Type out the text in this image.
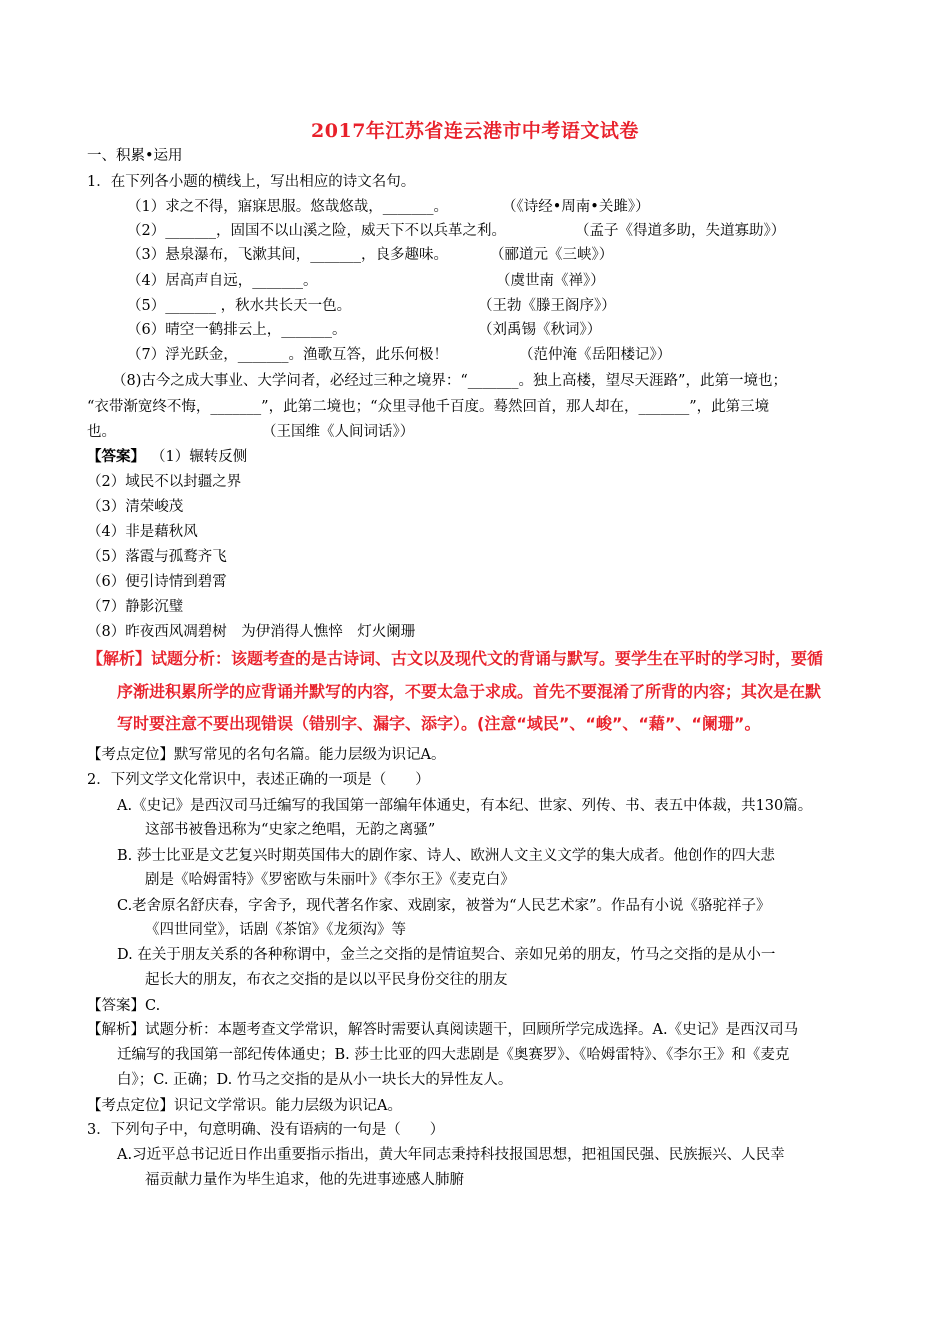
2017年江苏省连云港市中考语文试卷
一、积累•运用
1．在下列各小题的横线上，写出相应的诗文名句。
（1）求之不得，寤寐思服。悠哉悠哉，_______。	（《诗经•周南•关雎》）
（2）_______，固国不以山溪之险，威天下不以兵革之利。	（孟子《得道多助，失道寡助》）
（3）悬泉瀑布，飞漱其间，_______，良多趣味。	（郦道元《三峡》）
（4）居高声自远，_______。	（虞世南《禅》）
（5）_______ ，秋水共长天一色。	（王勃《滕王阁序》）
（6）晴空一鹤排云上，_______。	（刘禹锡《秋词》）
（7）浮光跃金，_______。渔歌互答，此乐何极！	（范仲淹《岳阳楼记》）
（8)古今之成大事业、大学问者，必经过三种之境界：“_______。独上高楼，望尽天涯路”，此第一境也；
“衣带渐宽终不悔，_______”，此第二境也；“众里寻他千百度。蓦然回首，那人却在，_______”，此第三境
也。	（王国维《人间词话》）
【答案】 （1）辗转反侧
（2）域民不以封疆之界
（3）清荣峻茂
（4）非是藉秋风
（5）落霞与孤鹜齐飞
（6）便引诗情到碧霄
（7）静影沉璧
（8）昨夜西风凋碧树　为伊消得人憔悴　灯火阑珊
【解析】试题分析：该题考查的是古诗词、古文以及现代文的背诵与默写。要学生在平时的学习时，要循
序渐进积累所学的应背诵并默写的内容，不要太急于求成。首先不要混淆了所背的内容；其次是在默
写时要注意不要出现错误（错别字、漏字、添字）。(注意“域民”、“峻”、“藉”、“阑珊”。
【考点定位】默写常见的名句名篇。能力层级为识记A。
2．下列文学文化常识中，表述正确的一项是（　　）
A.《史记》是西汉司马迁编写的我国第一部编年体通史，有本纪、世家、列传、书、表五中体裁，共130篇。
这部书被鲁迅称为“史家之绝唱，无韵之离骚”
B. 莎士比亚是文艺复兴时期英国伟大的剧作家、诗人、欧洲人文主义文学的集大成者。他创作的四大悲
剧是《哈姆雷特》《罗密欧与朱丽叶》《李尔王》《麦克白》
C.老舍原名舒庆春，字舍予，现代著名作家、戏剧家，被誉为“人民艺术家”。作品有小说《骆驼祥子》
《四世同堂》，话剧《茶馆》《龙须沟》等
D. 在关于朋友关系的各种称谓中，金兰之交指的是情谊契合、亲如兄弟的朋友，竹马之交指的是从小一
起长大的朋友，布衣之交指的是以以平民身份交往的朋友
【答案】C.
【解析】试题分析：本题考查文学常识，解答时需要认真阅读题干，回顾所学完成选择。A.《史记》是西汉司马
迁编写的我国第一部纪传体通史；B. 莎士比亚的四大悲剧是《奥赛罗》、《哈姆雷特》、《李尔王》和《麦克
白》；C. 正确；D. 竹马之交指的是从小一块长大的异性友人。
【考点定位】识记文学常识。能力层级为识记A。
3．下列句子中，句意明确、没有语病的一句是（　　）
A.习近平总书记近日作出重要指示指出，黄大年同志秉持科技报国思想，把祖国民强、民族振兴、人民幸
福贡献力量作为毕生追求，他的先进事迹感人肺腑
